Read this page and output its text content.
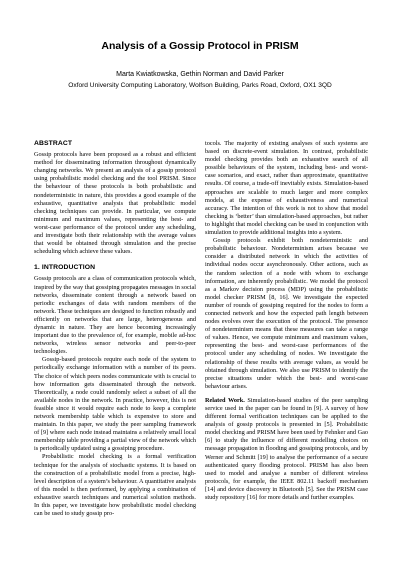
Analysis of a Gossip Protocol in PRISM
Marta Kwiatkowska, Gethin Norman and David Parker
Oxford University Computing Laboratory, Wolfson Building, Parks Road, Oxford, OX1 3QD
ABSTRACT

Gossip protocols have been proposed as a robust and efficient method for disseminating information throughout dynamically changing networks. We present an analysis of a gossip protocol using probabilistic model checking and the tool PRISM. Since the behaviour of these protocols is both probabilistic and nondeterministic in nature, this provides a good example of the exhaustive, quantitative analysis that probabilistic model checking techniques can provide. In particular, we compute minimum and maximum values, representing the best- and worst-case performance of the protocol under any scheduling, and investigate both their relationship with the average values that would be obtained through simulation and the precise scheduling which achieve these values.

1. INTRODUCTION

Gossip protocols are a class of communication protocols which, inspired by the way that gossiping propagates messages in social networks, disseminate content through a network based on periodic exchanges of data with random members of the network. These techniques are designed to function robustly and efficiently on networks that are large, heterogeneous and dynamic in nature. They are hence becoming increasingly important due to the prevalence of, for example, mobile ad-hoc networks, wireless sensor networks and peer-to-peer technologies.

Gossip-based protocols require each node of the system to periodically exchange information with a number of its peers. The choice of which peers nodes communicate with is crucial to how information gets disseminated through the network. Theoretically, a node could randomly select a subset of all the available nodes in the network. In practice, however, this is not feasible since it would require each node to keep a complete network membership table which is expensive to store and maintain. In this paper, we study the peer sampling framework of [9] where each node instead maintains a relatively small local membership table providing a partial view of the network which is periodically updated using a gossiping procedure.

Probabilistic model checking is a formal verification technique for the analysis of stochastic systems. It is based on the construction of a probabilistic model from a precise, high-level description of a system’s behaviour. A quantitative analysis of this model is then performed, by applying a combination of exhaustive search techniques and numerical solution methods. In this paper, we investigate how probabilistic model checking can be used to study gossip pro-

tocols. The majority of existing analyses of such systems are based on discrete-event simulation. In contrast, probabilistic model checking provides both an exhaustive search of all possible behaviours of the system, including best- and worst-case scenarios, and exact, rather than approximate, quantitative results. Of course, a trade-off inevitably exists. Simulation-based approaches are scalable to much larger and more complex models, at the expense of exhaustiveness and numerical accuracy. The intention of this work is not to show that model checking is ‘better’ than simulation-based approaches, but rather to highlight that model checking can be used in conjunction with simulation to provide additional insights into a system.

Gossip protocols exhibit both nondeterministic and probabilistic behaviour. Nondeterminism arises because we consider a distributed network in which the activities of individual nodes occur asynchronously. Other actions, such as the random selection of a node with whom to exchange information, are inherently probabilistic. We model the protocol as a Markov decision process (MDP) using the probabilistic model checker PRISM [8, 16]. We investigate the expected number of rounds of gossiping required for the nodes to form a connected network and how the expected path length between nodes evolves over the execution of the protocol. The presence of nondeterminism means that these measures can take a range of values. Hence, we compute minimum and maximum values, representing the best- and worst-case performances of the protocol under any scheduling of nodes. We investigate the relationship of these results with average values, as would be obtained through simulation. We also use PRISM to identify the precise situations under which the best- and worst-case behaviour arises.

Related Work. Simulation-based studies of the peer sampling service used in the paper can be found in [9]. A survey of how different formal verification techniques can be applied to the analysis of gossip protocols is presented in [5]. Probabilistic model checking and PRISM have been used by Fehnker and Gao [6] to study the influence of different modelling choices on message propagation in flooding and gossiping protocols, and by Werner and Schmitt [19] to analyse the performance of a secure authenticated query flooding protocol. PRISM has also been used to model and analyse a number of different wireless protocols, for example, the IEEE 802.11 backoff mechanism [14] and device discovery in Bluetooth [5]. See the PRISM case study repository [16] for more details and further examples.
